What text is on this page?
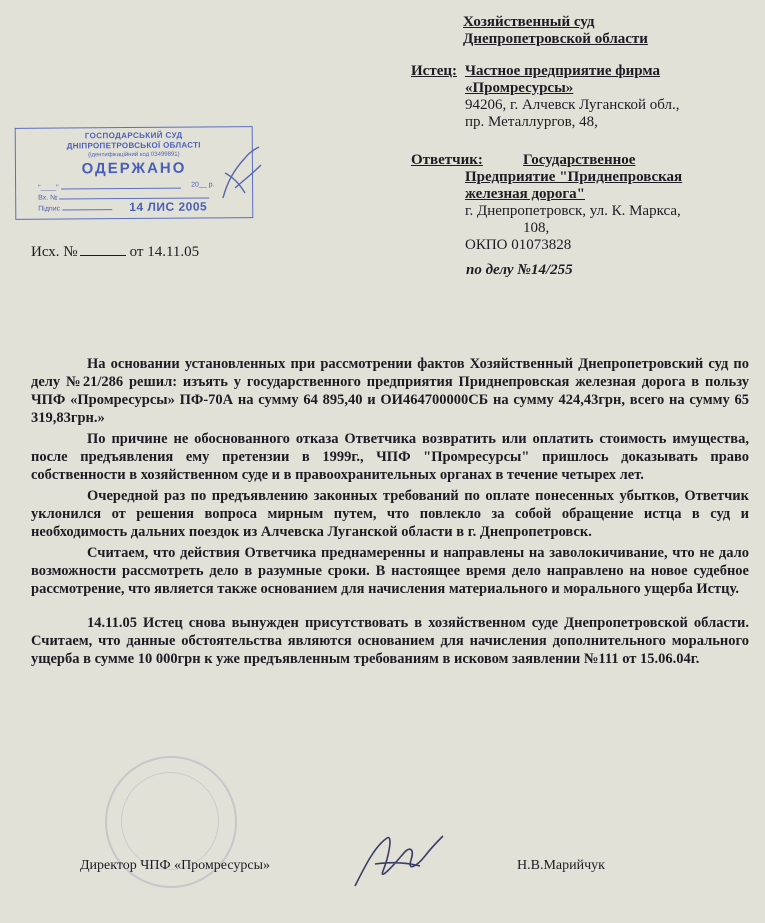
Хозяйственный суд
Днепропетровской области
Истец: Частное предприятие фирма
«Промресурсы»
94206, г. Алчевск Луганской обл.,
пр. Металлургов, 48,
Ответчик:	Государственное
Предприятие "Приднепровская
железная дорога"
г. Днепропетровск, ул. К. Маркса,
108,
ОКПО 01073828
по делу №14/255
Исх. №	от 14.11.05
ГОСПОДАРСЬКИЙ СУД
ДНІПРОПЕТРОВСЬКОЇ ОБЛАСТІ
(ідентифікаційний код 03499891)
ОДЕРЖАНО
"____"	20__ р.
Вх. №
Підпис	14 ЛИС 2005

На основании установленных при рассмотрении фактов Хозяйственный Днепропетровский суд по делу №21/286 решил: изъять у государственного предприятия Приднепровская железная дорога в пользу ЧПФ «Промресурсы» ПФ-70А на сумму 64 895,40 и ОИ464700000СБ на сумму 424,43грн, всего на сумму 65 319,83грн.»

По причине не обоснованного отказа Ответчика возвратить или оплатить стоимость имущества, после предъявления ему претензии в 1999г., ЧПФ "Промресурсы" пришлось доказывать право собственности в хозяйственном суде и в правоохранительных органах в течение четырех лет.

Очередной раз по предъявлению законных требований по оплате понесенных убытков, Ответчик уклонился от решения вопроса мирным путем, что повлекло за собой обращение истца в суд и необходимость дальних поездок из Алчевска Луганской области в г. Днепропетровск.

Считаем, что действия Ответчика преднамеренны и направлены на заволокичивание, что не дало возможности рассмотреть дело в разумные сроки. В настоящее время дело направлено на новое судебное рассмотрение, что является также основанием для начисления материального и морального ущерба Истцу.

14.11.05 Истец снова вынужден присутствовать в хозяйственном суде Днепропетровской области. Считаем, что данные обстоятельства являются основанием для начисления дополнительного морального ущерба в сумме 10 000грн к уже предъявленным требованиям в исковом заявлении №111 от 15.06.04г.

Директор ЧПФ «Промресурсы»	Н.В.Марийчук
